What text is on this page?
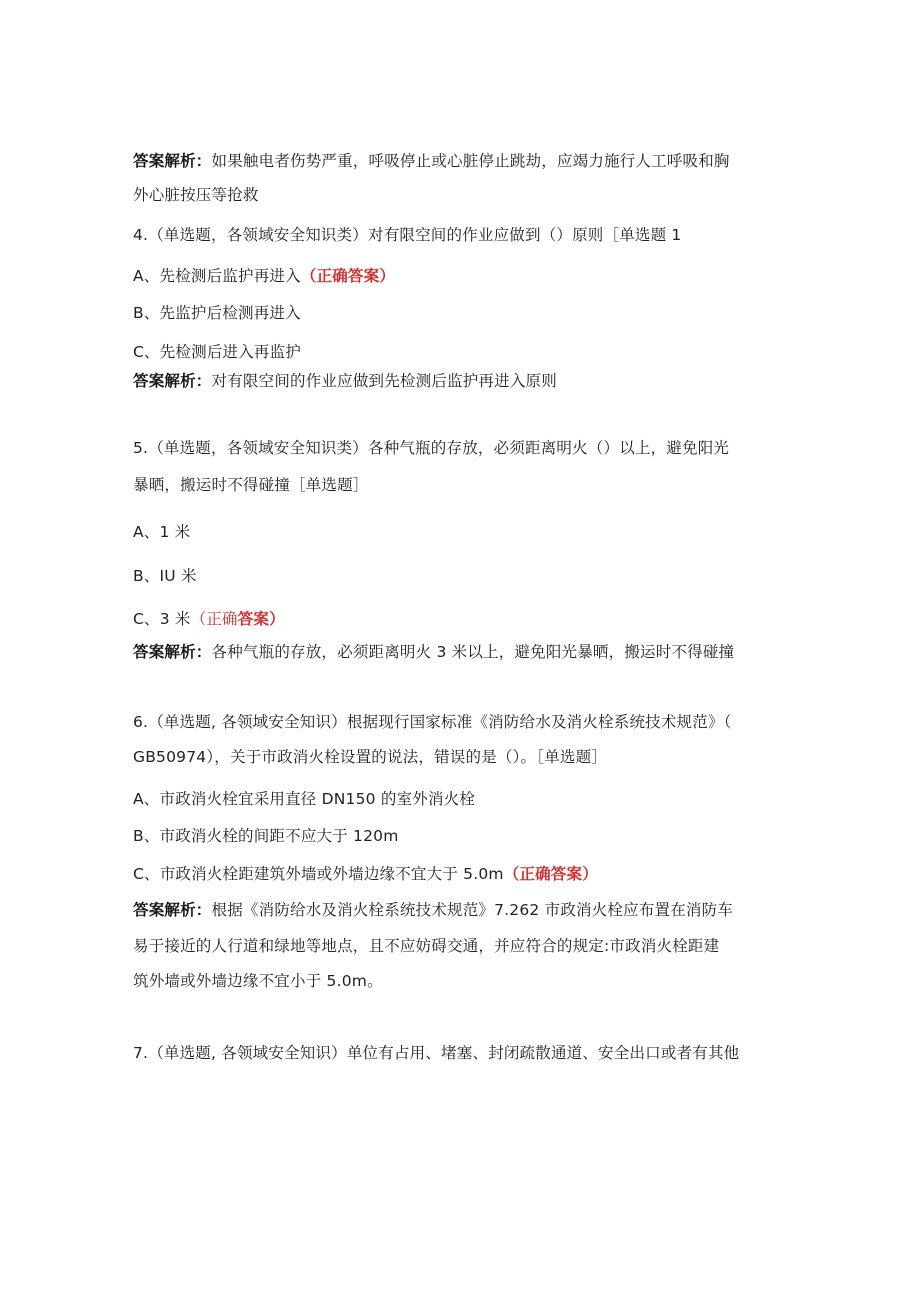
答案解析：如果触电者伤势严重，呼吸停止或心脏停止跳劫，应竭力施行人工呼吸和胸
外心脏按压等抢救
4.（单选题，各领域安全知识类）对有限空间的作业应做到（）原则［单选题 1
A、先检测后监护再进入（正确答案）
B、先监护后检测再进入
C、先检测后进入再监护
答案解析：对有限空间的作业应做到先检测后监护再进入原则
5.（单选题，各领域安全知识类）各种气瓶的存放，必须距离明火（）以上，避免阳光
暴晒，搬运时不得碰撞［单选题］
A、1 米
B、IU 米
C、3 米（正确答案）
答案解析：各种气瓶的存放，必须距离明火 3 米以上，避免阳光暴晒，搬运时不得碰撞
6.（单选题, 各领域安全知识）根据现行国家标准《消防给水及消火栓系统技术规范》（
GB50974），关于市政消火栓设置的说法，错误的是（）。［单选题］
A、市政消火栓宜采用直径 DN150 的室外消火栓
B、市政消火栓的间距不应大于 120m
C、市政消火栓距建筑外墙或外墙边缘不宜大于 5.0m（正确答案）
答案解析：根据《消防给水及消火栓系统技术规范》7.262 市政消火栓应布置在消防车
易于接近的人行道和绿地等地点，且不应妨碍交通，并应符合的规定:市政消火栓距建
筑外墙或外墙边缘不宜小于 5.0m。
7.（单选题, 各领域安全知识）单位有占用、堵塞、封闭疏散通道、安全出口或者有其他
